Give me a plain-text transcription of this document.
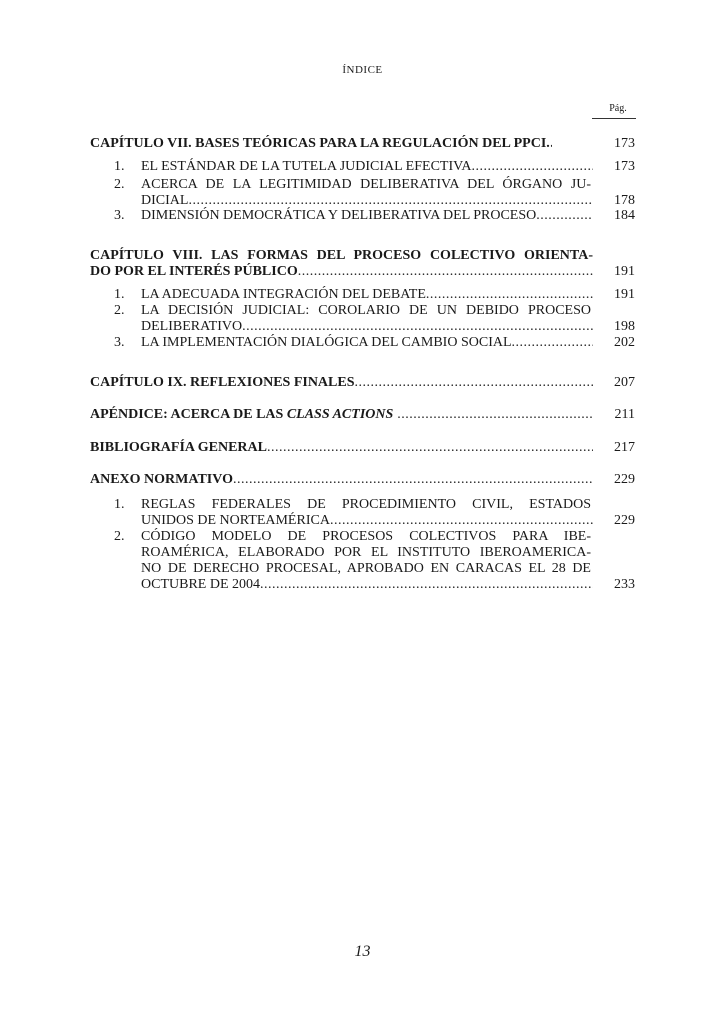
ÍNDICE
Pág.
CAPÍTULO VII. BASES TEÓRICAS PARA LA REGULACIÓN DEL PPCI .....	173
1. EL ESTÁNDAR DE LA TUTELA JUDICIAL EFECTIVA .....	173
2. ACERCA DE LA LEGITIMIDAD DELIBERATIVA DEL ÓRGANO JU-
DICIAL .....	178
3. DIMENSIÓN DEMOCRÁTICA Y DELIBERATIVA DEL PROCESO .....	184
CAPÍTULO VIII. LAS FORMAS DEL PROCESO COLECTIVO ORIENTA-
DO POR EL INTERÉS PÚBLICO .....	191
1. LA ADECUADA INTEGRACIÓN DEL DEBATE .....	191
2. LA DECISIÓN JUDICIAL: COROLARIO DE UN DEBIDO PROCESO
DELIBERATIVO .....	198
3. LA IMPLEMENTACIÓN DIALÓGICA DEL CAMBIO SOCIAL .....	202
CAPÍTULO IX. REFLEXIONES FINALES .....	207
APÉNDICE: ACERCA DE LAS CLASS ACTIONS .....	211
BIBLIOGRAFÍA GENERAL .....	217
ANEXO NORMATIVO .....	229
1. REGLAS FEDERALES DE PROCEDIMIENTO CIVIL, ESTADOS
UNIDOS DE NORTEAMÉRICA .....	229
2. CÓDIGO MODELO DE PROCESOS COLECTIVOS PARA IBE-
ROAMÉRICA, ELABORADO POR EL INSTITUTO IBEROAMERICA-
NO DE DERECHO PROCESAL, APROBADO EN CARACAS EL 28 DE
OCTUBRE DE 2004 .....	233
13
